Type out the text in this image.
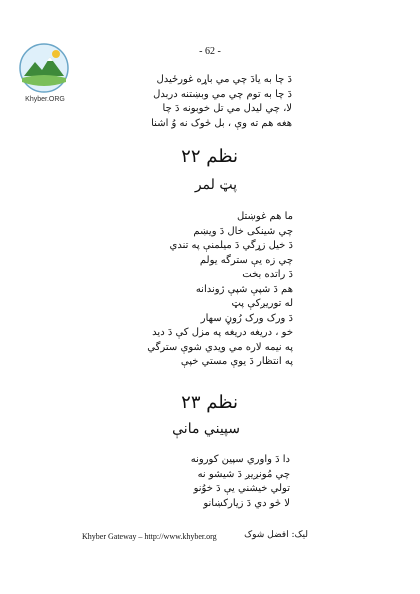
- 62 -
Khyber.ORG
دَ چا به یادَ چي مي باړه غورځیدل
دَ چا به توم چي مي وبښتنه دربدل
لا، چي لیدل مي تل خوبونه دَ چا
هغه هم ته وې ، بل څوک نه وُ اشنا
نظم ۲۲
پټ لمر
ما هم غوښتل
چي شینکی خال دَ ویښم
دَ خیل زړگي دَ میلمنې په تندي
چي زه یې سترگه یولم
دَ راتده بخت
هم دَ شپې شپې ژوندانه
له توریږکې پټ
دَ ورک ورک رُوڼ سهار
خو ، دریغه دریغه په مزل کې دَ دید
په نیمه لاره مي ویدي شوې سترگي
په انتظار دَ یوې مستي خپې
نظم ۲۳
سپیني مانې
دا دَ واوري سپین کورونه
چي مُونږيږ دَ شیشو نه
تولي خیشني یې دَ خوُنو
لا څو دي دَ زیارکښانو
Khyber Gateway – http://www.khyber.org	لیک: افضل شوک
